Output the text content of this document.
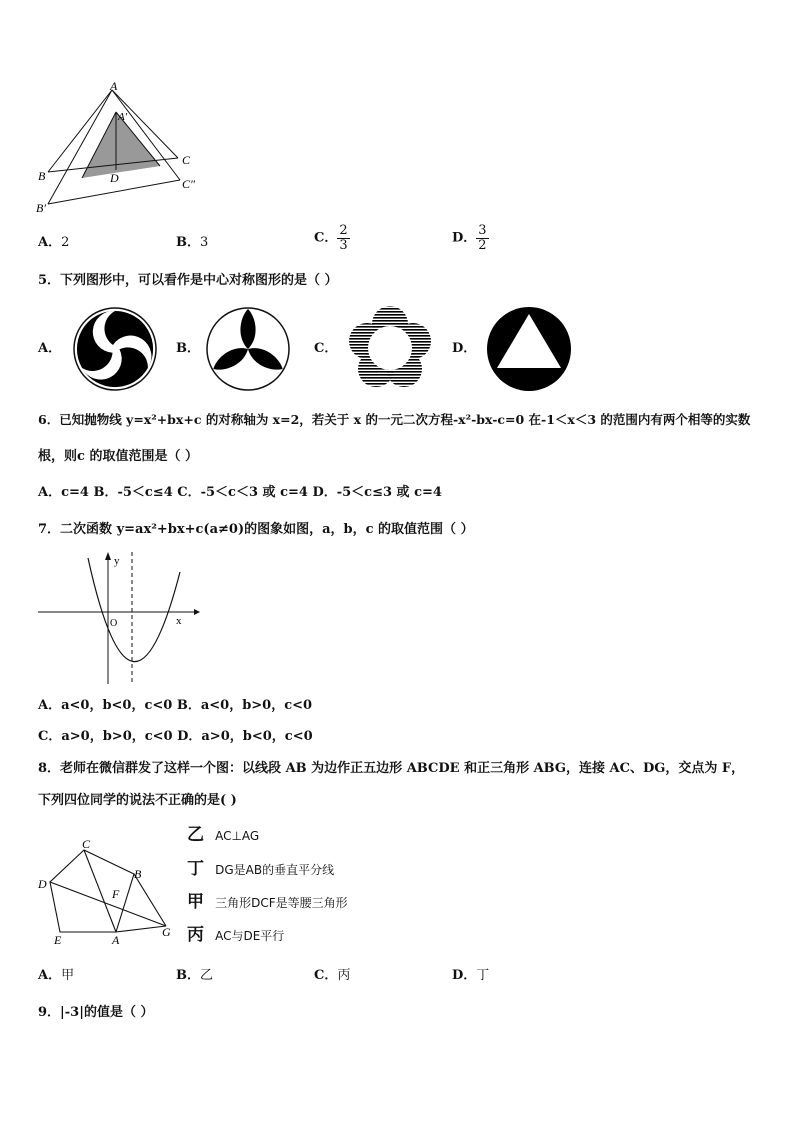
A
A′
B
B′
C
C″
D
A．2	B．3	C． $\frac{2}{3}$	D． $\frac{3}{2}$
5．下列图形中，可以看作是中心对称图形的是（ ）
A．	B．	C．	D．
6．已知抛物线 y=x²+bx+c 的对称轴为 x=2，若关于 x 的一元二次方程-x²-bx-c=0 在-1＜x＜3 的范围内有两个相等的实数
根，则c 的取值范围是（ ）
A．c=4 B．-5＜c≤4 C．-5＜c＜3 或 c=4 D．-5＜c≤3 或 c=4
7．二次函数 y=ax²+bx+c(a≠0)的图象如图，a，b，c 的取值范围（ ）
y
x
O
A．a<0，b<0，c<0 B．a<0，b>0，c<0
C．a>0，b>0，c<0 D．a>0，b<0，c<0
8．老师在微信群发了这样一个图：以线段 AB 为边作正五边形 ABCDE 和正三角形 ABG，连接 AC、DG，交点为 F，
下列四位同学的说法不正确的是( )
C
B
D
F
E	A
G
乙 AC⊥AG
丁 DG是AB的垂直平分线
甲 三角形DCF是等腰三角形
丙 AC与DE平行
A．甲	B．乙	C．丙	D．丁
9．|-3|的值是（ ）
